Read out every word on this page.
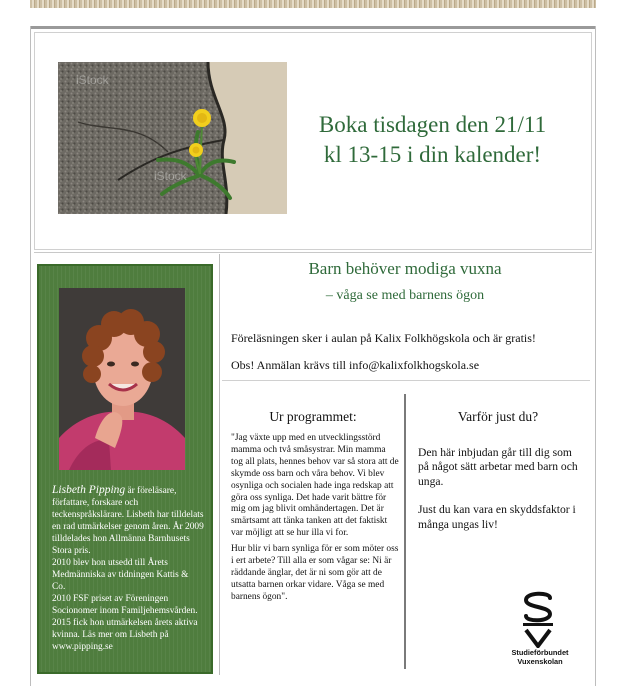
iStock
iStock
Boka tisdagen den 21/11
kl 13-15 i din kalender!

Lisbeth Pipping är föreläsare, författare, forskare och teckenspråkslärare. Lisbeth har tilldelats en rad utmärkelser genom åren. År 2009 tilldelades hon Allmänna Barnhusets Stora pris.

2010 blev hon utsedd till Årets Medmänniska av tidningen Kattis & Co.

2010 FSF priset av Föreningen Socionomer inom Familjehemsvården. 2015 fick hon utmärkelsen årets aktiva kvinna. Läs mer om Lisbeth på www.pipping.se

Barn behöver modiga vuxna
– våga se med barnens ögon
Föreläsningen sker i aulan på Kalix Folkhögskola och är gratis!
Obs! Anmälan krävs till info@kalixfolkhogskola.se
Ur programmet:

"Jag växte upp med en utvecklingsstörd mamma och två småsystrar. Min mamma tog all plats, hennes behov var så stora att de skymde oss barn och våra behov. Vi blev osynliga och socialen hade inga redskap att göra oss synliga. Det hade varit bättre för mig om jag blivit omhändertagen. Det är smärtsamt att tänka tanken att det faktiskt var möjligt att se hur illa vi for.

Hur blir vi barn synliga för er som möter oss i ert arbete? Till alla er som vågar se: Ni är räddande änglar, det är ni som gör att de utsatta barnen orkar vidare. Våga se med barnens ögon".

Varför just du?

Den här inbjudan går till dig som på något sätt arbetar med barn och unga.

Just du kan vara en skyddsfaktor i många ungas liv!

Studieförbundet
Vuxenskolan
